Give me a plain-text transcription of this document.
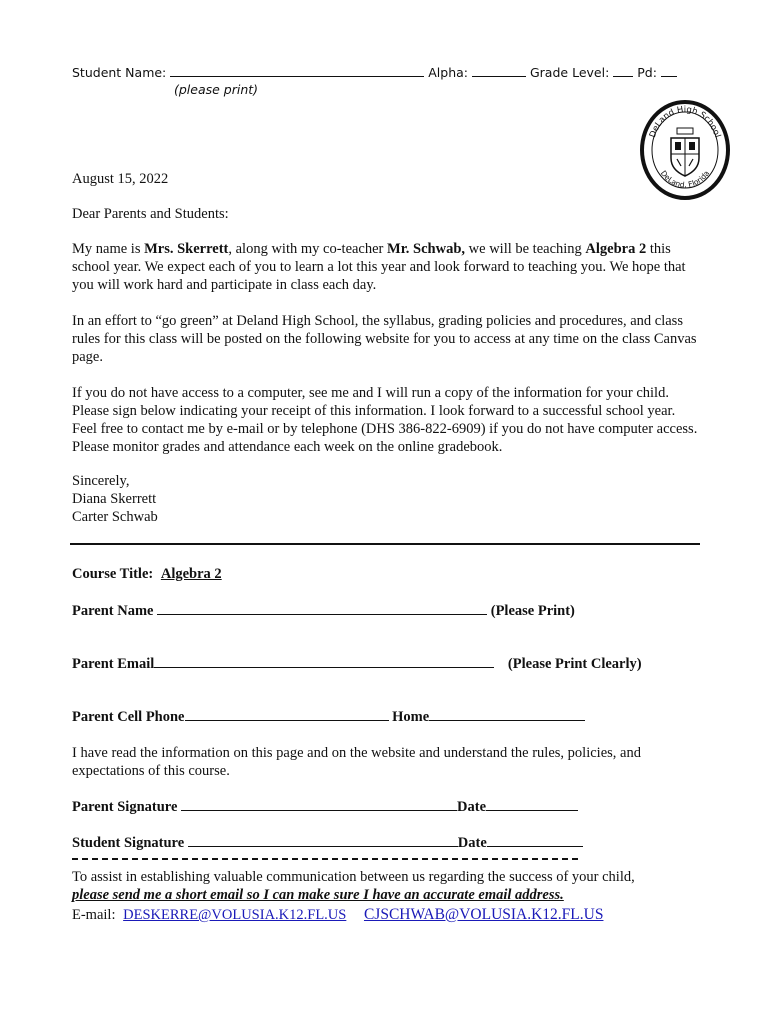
Student Name:	Alpha:	Grade Level: Pd:
(please print)
DeLand High School
DeLand, Florida
August 15, 2022
Dear Parents and Students:
My name is Mrs. Skerrett, along with my co-teacher Mr. Schwab, we will be teaching Algebra 2 this school year. We expect each of you to learn a lot this year and look forward to teaching you. We hope that you will work hard and participate in class each day.
In an effort to “go green” at Deland High School, the syllabus, grading policies and procedures, and class rules for this class will be posted on the following website for you to access at any time on the class Canvas page.
If you do not have access to a computer, see me and I will run a copy of the information for your child. Please sign below indicating your receipt of this information. I look forward to a successful school year. Feel free to contact me by e-mail or by telephone (DHS 386-822-6909) if you do not have computer access. Please monitor grades and attendance each week on the online gradebook.
Sincerely,
Diana Skerrett
Carter Schwab
Course Title: Algebra 2
Parent Name	(Please Print)
Parent Email	(Please Print Clearly)
Parent Cell Phone	Home
I have read the information on this page and on the website and understand the rules, policies, and expectations of this course.
Parent Signature	Date
Student Signature	Date
To assist in establishing valuable communication between us regarding the success of your child,
please send me a short email so I can make sure I have an accurate email address.
E-mail: DESKERRE@VOLUSIA.K12.FL.US CJSCHWAB@VOLUSIA.K12.FL.US
